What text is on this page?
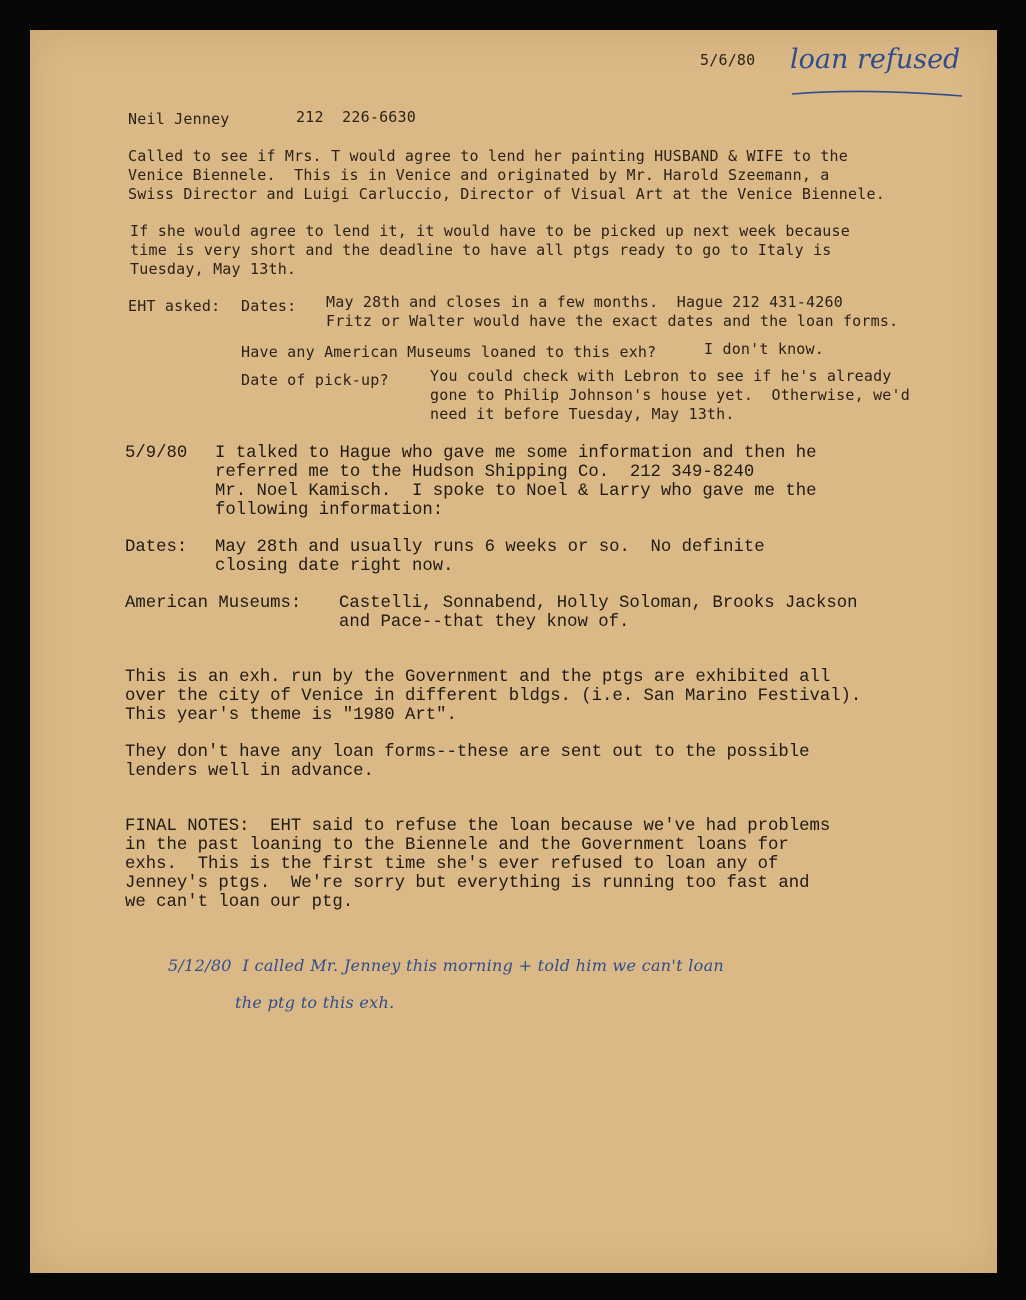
5/6/80 loan refused
Neil Jenney	212  226-6630
Called to see if Mrs. T would agree to lend her painting HUSBAND & WIFE to the
Venice Biennele.  This is in Venice and originated by Mr. Harold Szeemann, a
Swiss Director and Luigi Carluccio, Director of Visual Art at the Venice Biennele.
If she would agree to lend it, it would have to be picked up next week because
time is very short and the deadline to have all ptgs ready to go to Italy is
Tuesday, May 13th.
EHT asked: Dates: May 28th and closes in a few months.  Hague 212 431-4260
Fritz or Walter would have the exact dates and the loan forms.
Have any American Museums loaned to this exh?	I don't know.
Date of pick-up?	You could check with Lebron to see if he's already
gone to Philip Johnson's house yet.  Otherwise, we'd
need it before Tuesday, May 13th.
5/9/80 I talked to Hague who gave me some information and then he
referred me to the Hudson Shipping Co.  212 349-8240
Mr. Noel Kamisch.  I spoke to Noel & Larry who gave me the
following information:
Dates: May 28th and usually runs 6 weeks or so.  No definite
closing date right now.
American Museums: Castelli, Sonnabend, Holly Soloman, Brooks Jackson
and Pace--that they know of.
This is an exh. run by the Government and the ptgs are exhibited all
over the city of Venice in different bldgs. (i.e. San Marino Festival).
This year's theme is "1980 Art".
They don't have any loan forms--these are sent out to the possible
lenders well in advance.
FINAL NOTES:  EHT said to refuse the loan because we've had problems
in the past loaning to the Biennele and the Government loans for
exhs.  This is the first time she's ever refused to loan any of
Jenney's ptgs.  We're sorry but everything is running too fast and
we can't loan our ptg.
5/12/80  I called Mr. Jenney this morning + told him we can't loan
the ptg to this exh.
